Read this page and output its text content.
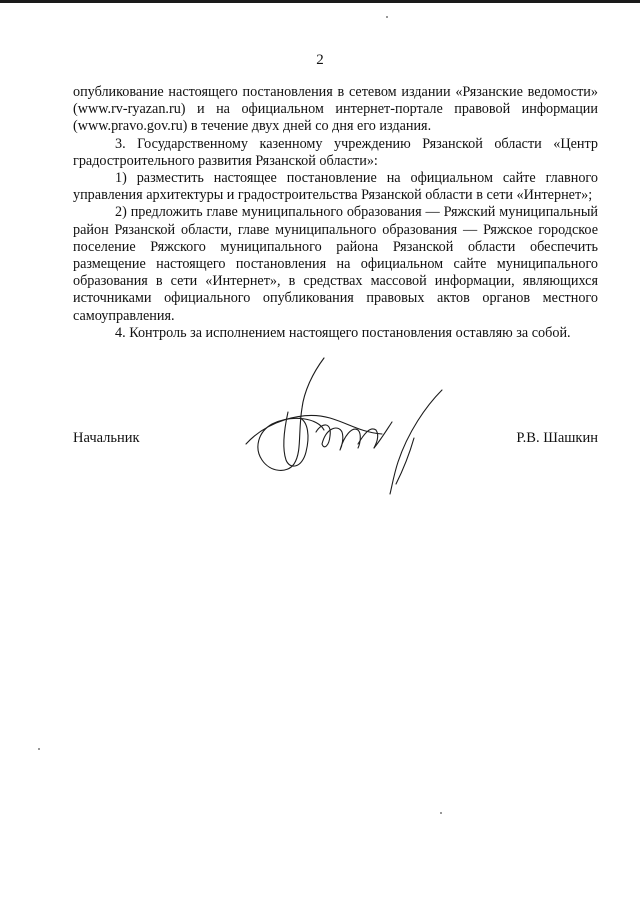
2

опубликование настоящего постановления в сетевом издании «Рязанские ведомости» (www.rv-ryazan.ru) и на официальном интернет-портале правовой информации (www.pravo.gov.ru) в течение двух дней со дня его издания.

3. Государственному казенному учреждению Рязанской области «Центр градостроительного развития Рязанской области»:

1) разместить настоящее постановление на официальном сайте главного управления архитектуры и градостроительства Рязанской области в сети «Интернет»;

2) предложить главе муниципального образования — Ряжский муниципальный район Рязанской области, главе муниципального образования — Ряжское городское поселение Ряжского муниципального района Рязанской области обеспечить размещение настоящего постановления на официальном сайте муниципального образования в сети «Интернет», в средствах массовой информации, являющихся источниками официального опубликования правовых актов органов местного самоуправления.

4. Контроль за исполнением настоящего постановления оставляю за собой.

Начальник	Р.В. Шашкин
